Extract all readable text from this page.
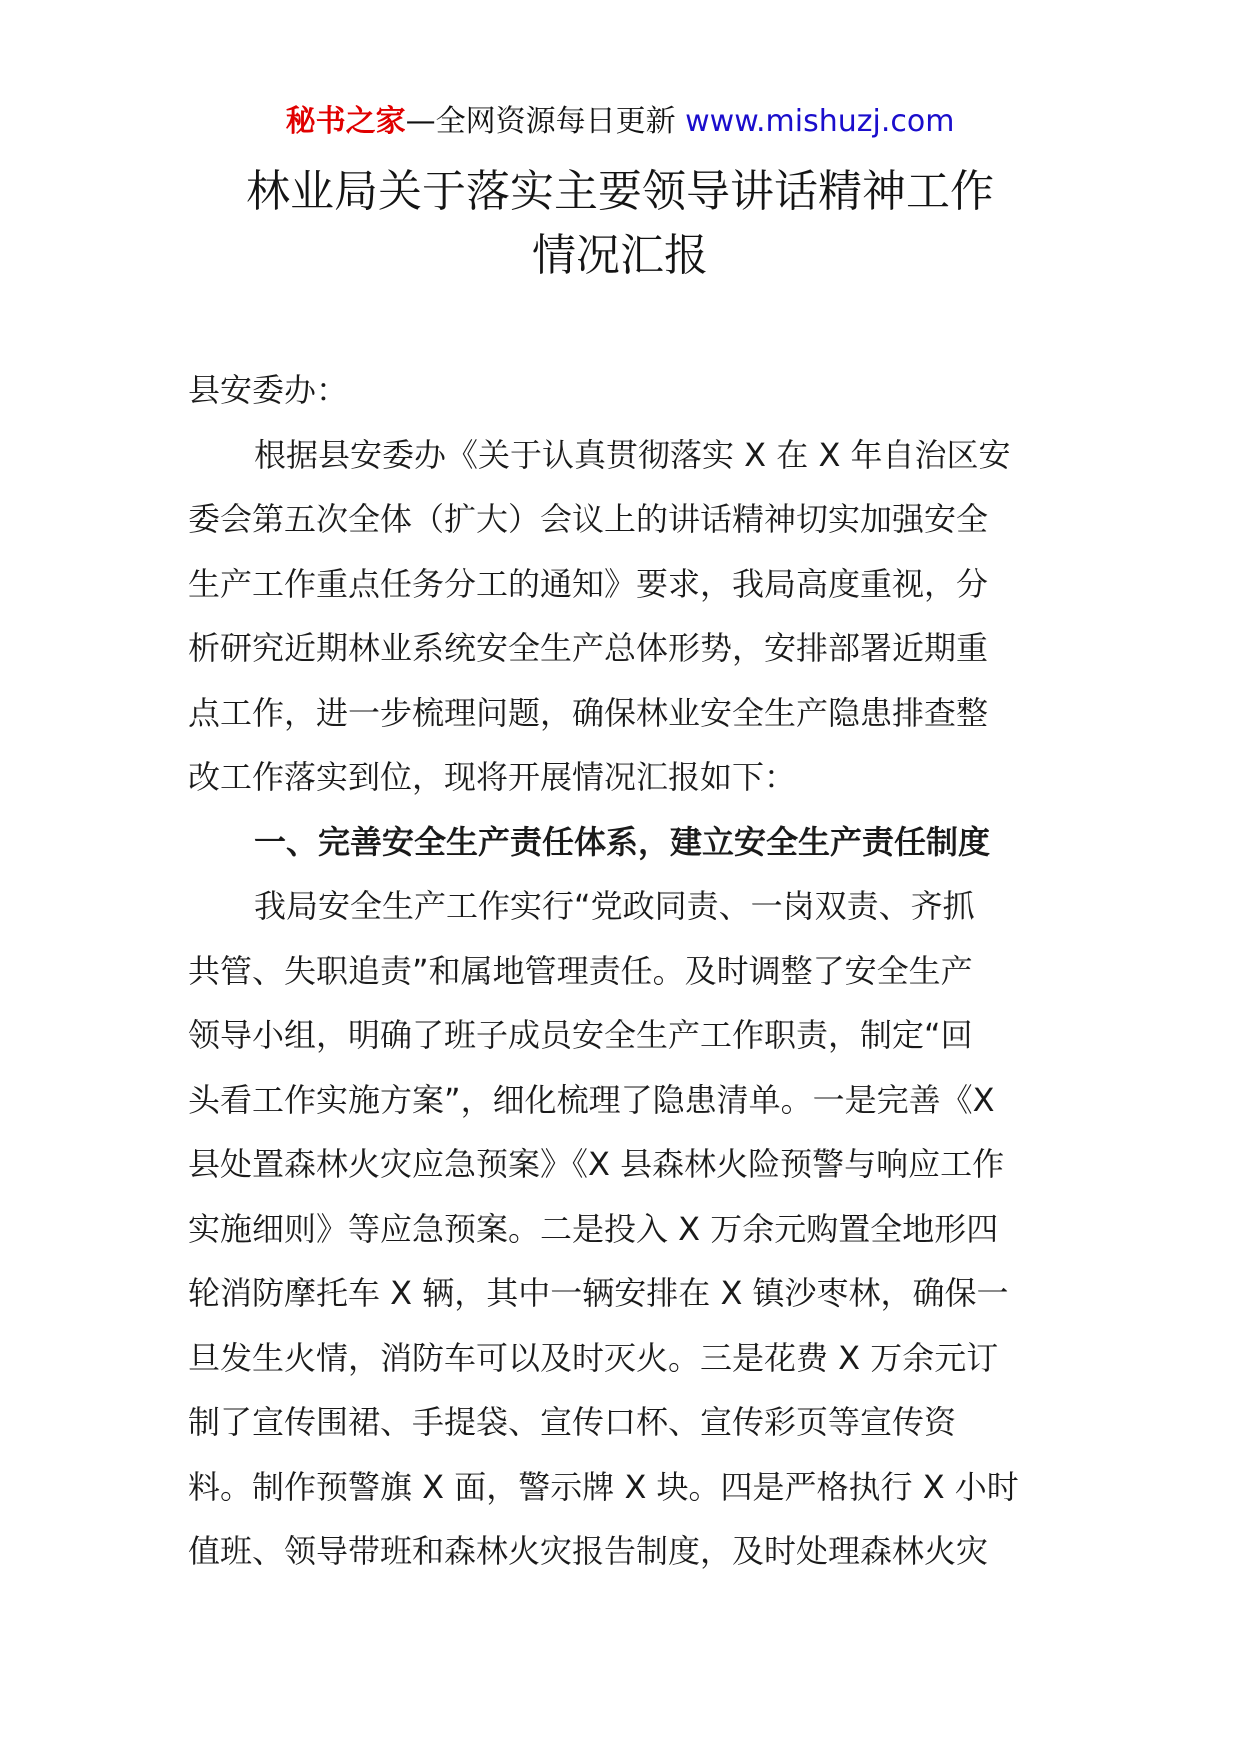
秘书之家—全网资源每日更新 www.mishuzj.com
林业局关于落实主要领导讲话精神工作
情况汇报
县安委办：
根据县安委办《关于认真贯彻落实 X 在 X 年自治区安
委会第五次全体（扩大）会议上的讲话精神切实加强安全
生产工作重点任务分工的通知》要求，我局高度重视，分
析研究近期林业系统安全生产总体形势，安排部署近期重
点工作，进一步梳理问题，确保林业安全生产隐患排查整
改工作落实到位，现将开展情况汇报如下：
一、完善安全生产责任体系，建立安全生产责任制度
我局安全生产工作实行“党政同责、一岗双责、齐抓
共管、失职追责”和属地管理责任。及时调整了安全生产
领导小组，明确了班子成员安全生产工作职责，制定“回
头看工作实施方案”，细化梳理了隐患清单。一是完善《X
县处置森林火灾应急预案》《X 县森林火险预警与响应工作
实施细则》等应急预案。二是投入 X 万余元购置全地形四
轮消防摩托车 X 辆，其中一辆安排在 X 镇沙枣林，确保一
旦发生火情，消防车可以及时灭火。三是花费 X 万余元订
制了宣传围裙、手提袋、宣传口杯、宣传彩页等宣传资
料。制作预警旗 X 面，警示牌 X 块。四是严格执行 X 小时
值班、领导带班和森林火灾报告制度，及时处理森林火灾
